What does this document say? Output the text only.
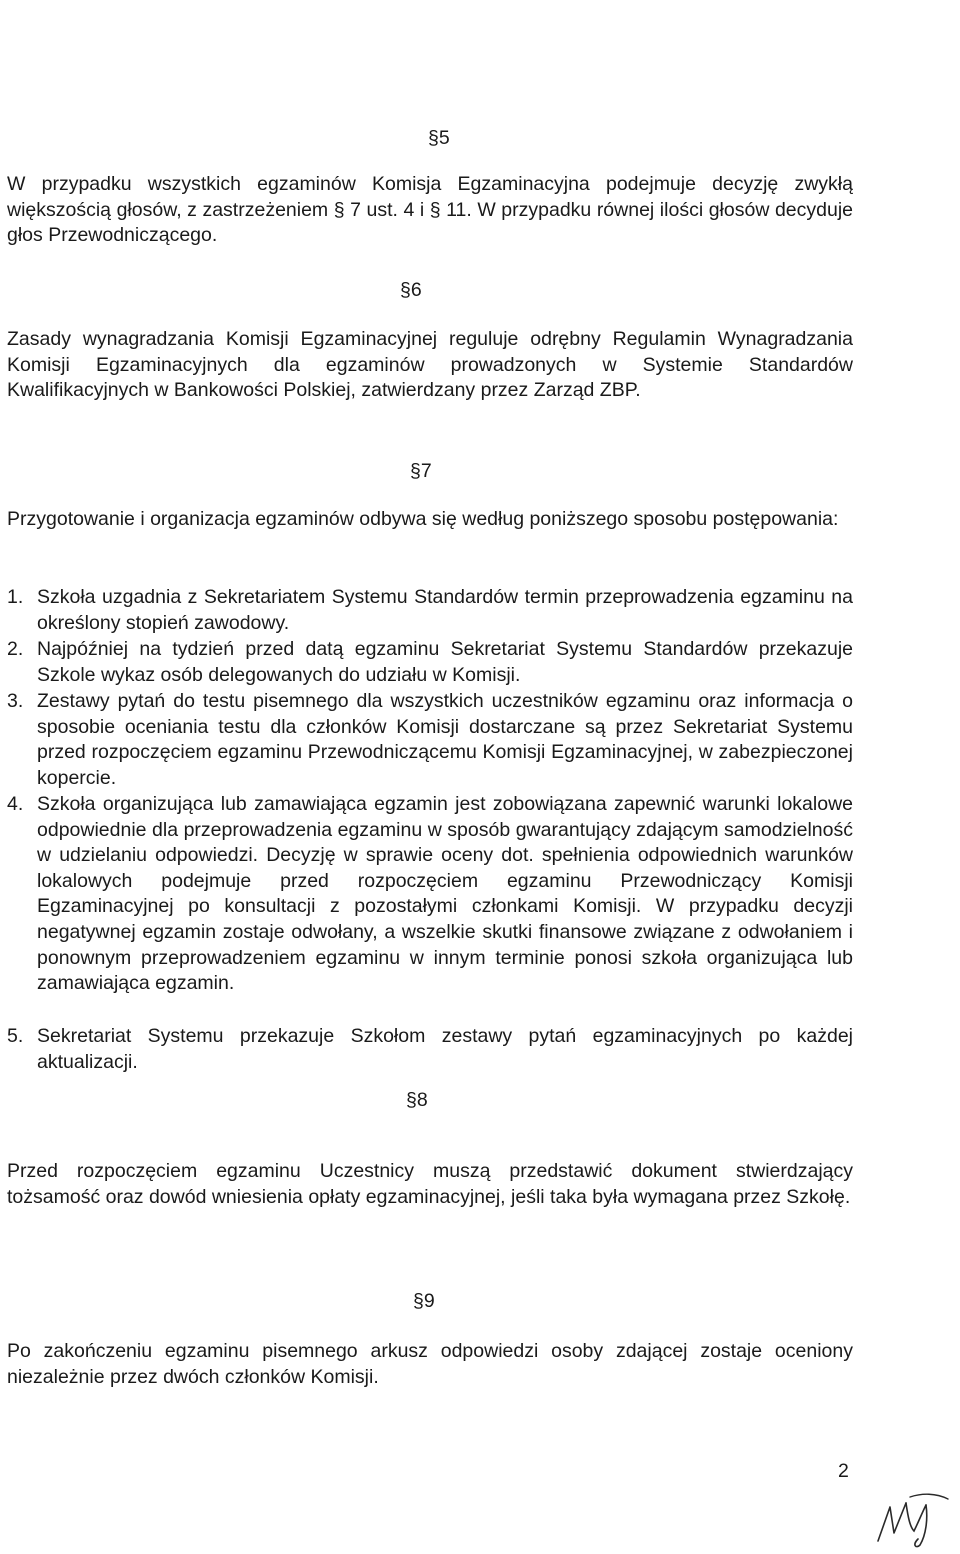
§5

W przypadku wszystkich egzaminów Komisja Egzaminacyjna podejmuje decyzję zwykłą większością głosów, z zastrzeżeniem § 7 ust. 4 i § 11. W przypadku równej ilości głosów decyduje głos Przewodniczącego.

§6

Zasady wynagradzania Komisji Egzaminacyjnej reguluje odrębny Regulamin Wynagradzania Komisji Egzaminacyjnych dla egzaminów prowadzonych w Systemie Standardów Kwalifikacyjnych w Bankowości Polskiej, zatwierdzany przez Zarząd ZBP.

§7

Przygotowanie i organizacja egzaminów odbywa się według poniższego sposobu postępowania:

1. Szkoła uzgadnia z Sekretariatem Systemu Standardów termin przeprowadzenia egzaminu na określony stopień zawodowy.
2. Najpóźniej na tydzień przed datą egzaminu Sekretariat Systemu Standardów przekazuje Szkole wykaz osób delegowanych do udziału w Komisji.
3. Zestawy pytań do testu pisemnego dla wszystkich uczestników egzaminu oraz informacja o sposobie oceniania testu dla członków Komisji dostarczane są przez Sekretariat Systemu przed rozpoczęciem egzaminu Przewodniczącemu Komisji Egzaminacyjnej, w zabezpieczonej kopercie.
4. Szkoła organizująca lub zamawiająca egzamin jest zobowiązana zapewnić warunki lokalowe odpowiednie dla przeprowadzenia egzaminu w sposób gwarantujący zdającym samodzielność w udzielaniu odpowiedzi. Decyzję w sprawie oceny dot. spełnienia odpowiednich warunków lokalowych podejmuje przed rozpoczęciem egzaminu Przewodniczący Komisji Egzaminacyjnej po konsultacji z pozostałymi członkami Komisji. W przypadku decyzji negatywnej egzamin zostaje odwołany, a wszelkie skutki finansowe związane z odwołaniem i ponownym przeprowadzeniem egzaminu w innym terminie ponosi szkoła organizująca lub zamawiająca egzamin.
5. Sekretariat Systemu przekazuje Szkołom zestawy pytań egzaminacyjnych po każdej aktualizacji.
§8

Przed rozpoczęciem egzaminu Uczestnicy muszą przedstawić dokument stwierdzający tożsamość oraz dowód wniesienia opłaty egzaminacyjnej, jeśli taka była wymagana przez Szkołę.

§9

Po zakończeniu egzaminu pisemnego arkusz odpowiedzi osoby zdającej zostaje oceniony niezależnie przez dwóch członków Komisji.

2
